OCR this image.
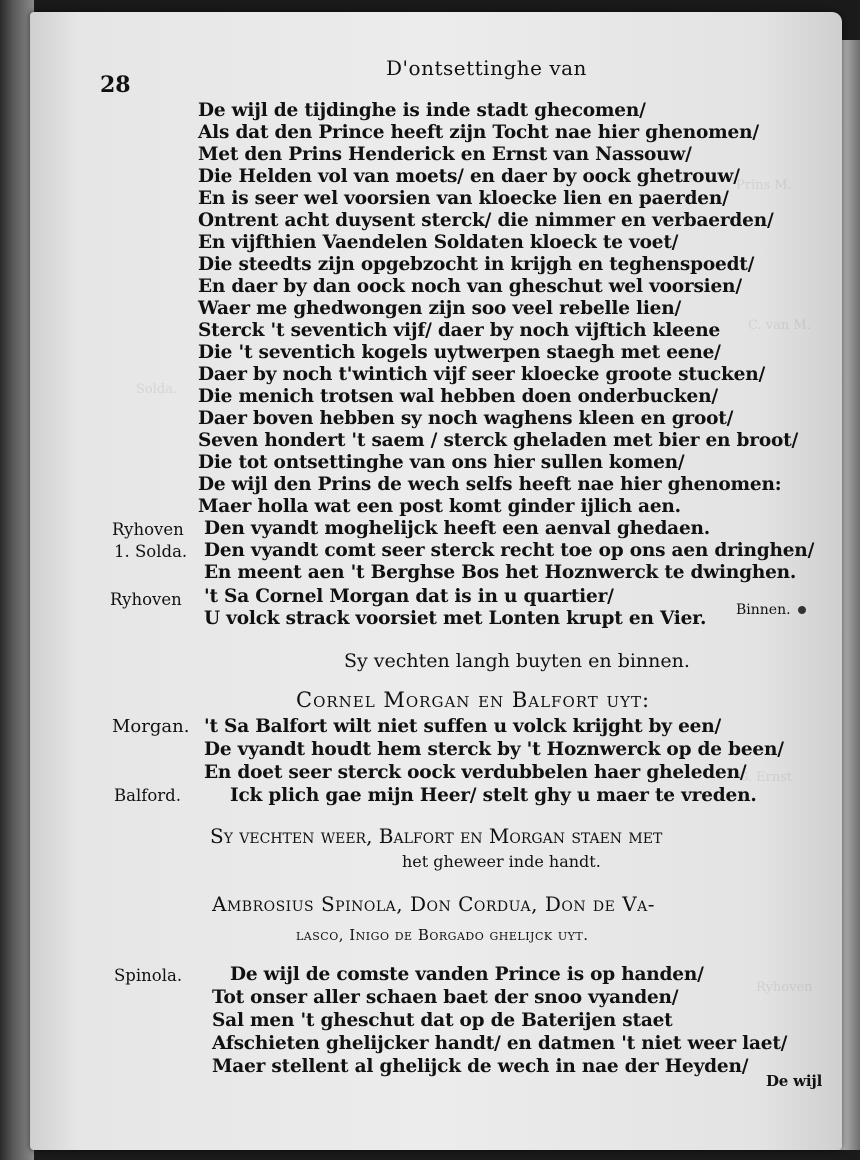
Prins M.
C. van M.
Solda.
G. Ernst
Ryhoven
28
D'ontsettinghe van
De wijl de tijdinghe is inde stadt ghecomen/
Als dat den Prince heeft zijn Tocht nae hier ghenomen/
Met den Prins Henderick en Ernst van Nassouw/
Die Helden vol van moets/ en daer by oock ghetrouw/
En is seer wel voorsien van kloecke lien en paerden/
Ontrent acht duysent sterck/ die nimmer en verbaerden/
En vijfthien Vaendelen Soldaten kloeck te voet/
Die steedts zijn opgebzocht in krijgh en teghenspoedt/
En daer by dan oock noch van gheschut wel voorsien/
Waer me ghedwongen zijn soo veel rebelle lien/
Sterck 't seventich vijf/ daer by noch vijftich kleene
Die 't seventich kogels uytwerpen staegh met eene/
Daer by noch t'wintich vijf seer kloecke groote stucken/
Die menich trotsen wal hebben doen onderbucken/
Daer boven hebben sy noch waghens kleen en groot/
Seven hondert 't saem / sterck gheladen met bier en broot/
Die tot ontsettinghe van ons hier sullen komen/
De wijl den Prins de wech selfs heeft nae hier ghenomen:
Maer holla wat een post komt ginder ijlich aen.
Ryhoven Den vyandt moghelijck heeft een aenval ghedaen.
1. Solda. Den vyandt comt seer sterck recht toe op ons aen dringhen/
En meent aen 't Berghse Bos het Hoznwerck te dwinghen.
Ryhoven 't Sa Cornel Morgan dat is in u quartier/
U volck strack voorsiet met Lonten krupt en Vier.	Binnen.
Sy vechten langh buyten en binnen.
Cornel Morgan en Balfort uyt:
Morgan. 't Sa Balfort wilt niet suffen u volck krijght by een/
De vyandt houdt hem sterck by 't Hoznwerck op de been/
En doet seer sterck oock verdubbelen haer gheleden/
Balford.	Ick plich gae mijn Heer/ stelt ghy u maer te vreden.
Sy vechten weer, Balfort en Morgan staen met
het gheweer inde handt.
Ambrosius Spinola, Don Cordua, Don de Va-
lasco, Inigo de Borgado ghelijck uyt.
Spinola.	De wijl de comste vanden Prince is op handen/
Tot onser aller schaen baet der snoo vyanden/
Sal men 't gheschut dat op de Baterijen staet
Afschieten ghelijcker handt/ en datmen 't niet weer laet/
Maer stellent al ghelijck de wech in nae der Heyden/
De wijl
